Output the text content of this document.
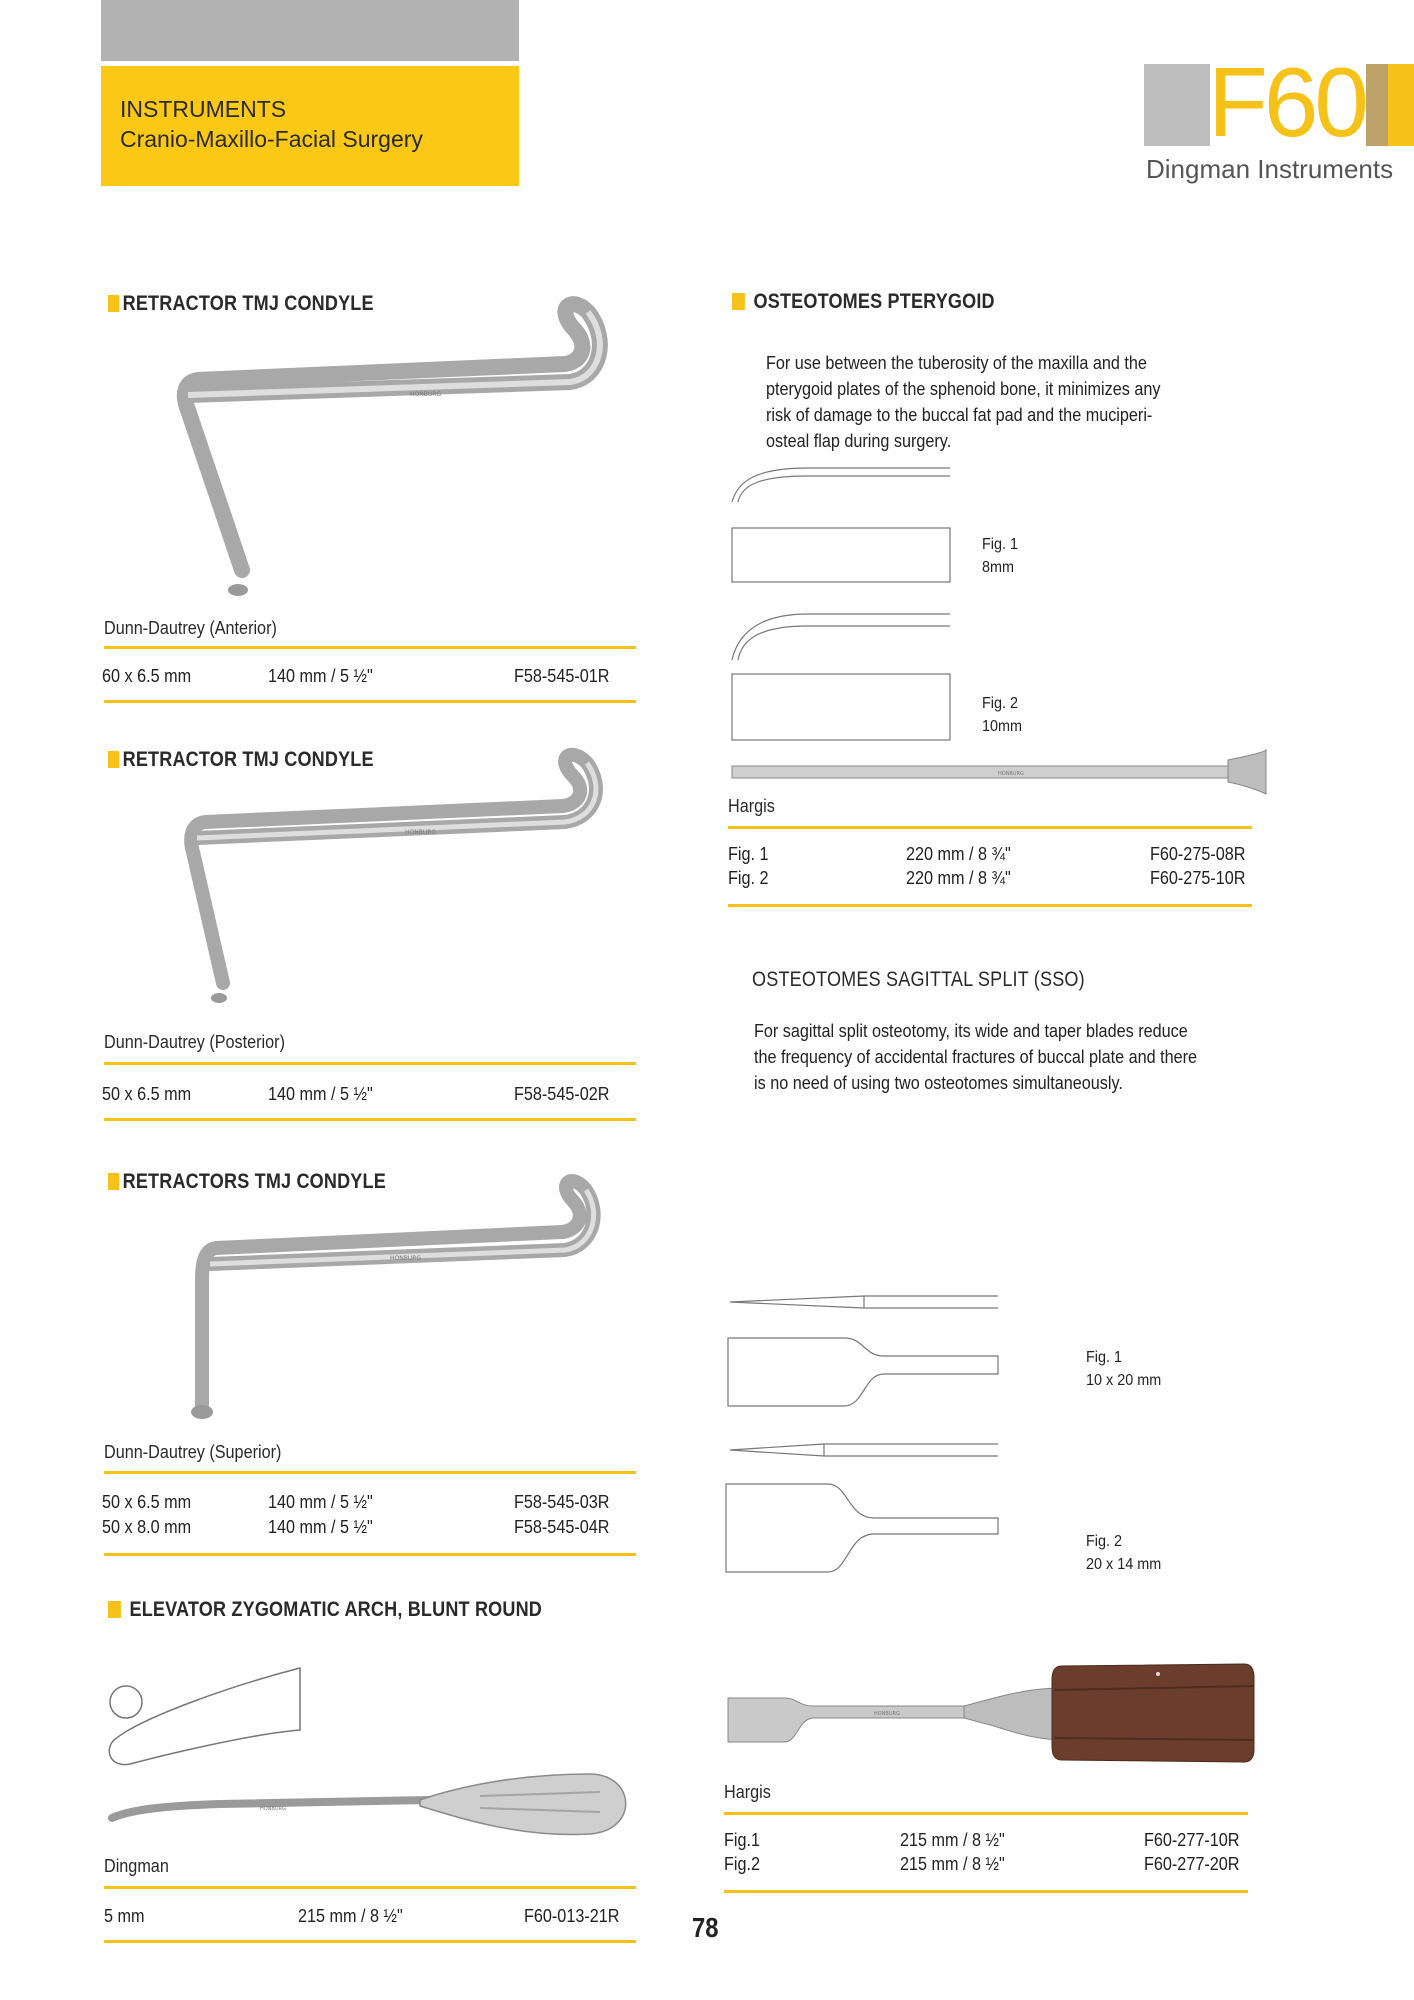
INSTRUMENTS
Cranio-Maxillo-Facial Surgery	F60
Dingman Instruments
RETRACTOR TMJ CONDYLE
HONBURG
Dunn-Dautrey (Anterior)
60 x 6.5 mm	140 mm / 5 ½"	F58-545-01R
RETRACTOR TMJ CONDYLE
HONBURG
Dunn-Dautrey (Posterior)
50 x 6.5 mm	140 mm / 5 ½"	F58-545-02R
RETRACTORS TMJ CONDYLE
HONBURG
Dunn-Dautrey (Superior)
50 x 6.5 mm	140 mm / 5 ½"	F58-545-03R
50 x 8.0 mm	140 mm / 5 ½"	F58-545-04R
ELEVATOR ZYGOMATIC ARCH, BLUNT ROUND
HONBURG
Dingman
5 mm	215 mm / 8 ½"	F60-013-21R	78
OSTEOTOMES PTERYGOID
For use between the tuberosity of the maxilla and the
pterygoid plates of the sphenoid bone, it minimizes any
risk of damage to the buccal fat pad and the muciperi-
osteal flap during surgery.
HONBURG
Fig. 1
8mm
Fig. 2
10mm
Hargis
Fig. 1	220 mm / 8 ¾"	F60-275-08R
Fig. 2	220 mm / 8 ¾"	F60-275-10R
OSTEOTOMES SAGITTAL SPLIT (SSO)
For sagittal split osteotomy, its wide and taper blades reduce
the frequency of accidental fractures of buccal plate and there
is no need of using two osteotomes simultaneously.
Fig. 1
10 x 20 mm
Fig. 2
20 x 14 mm
HONBURG
Hargis
Fig.1	215 mm / 8 ½"	F60-277-10R
Fig.2	215 mm / 8 ½"	F60-277-20R
